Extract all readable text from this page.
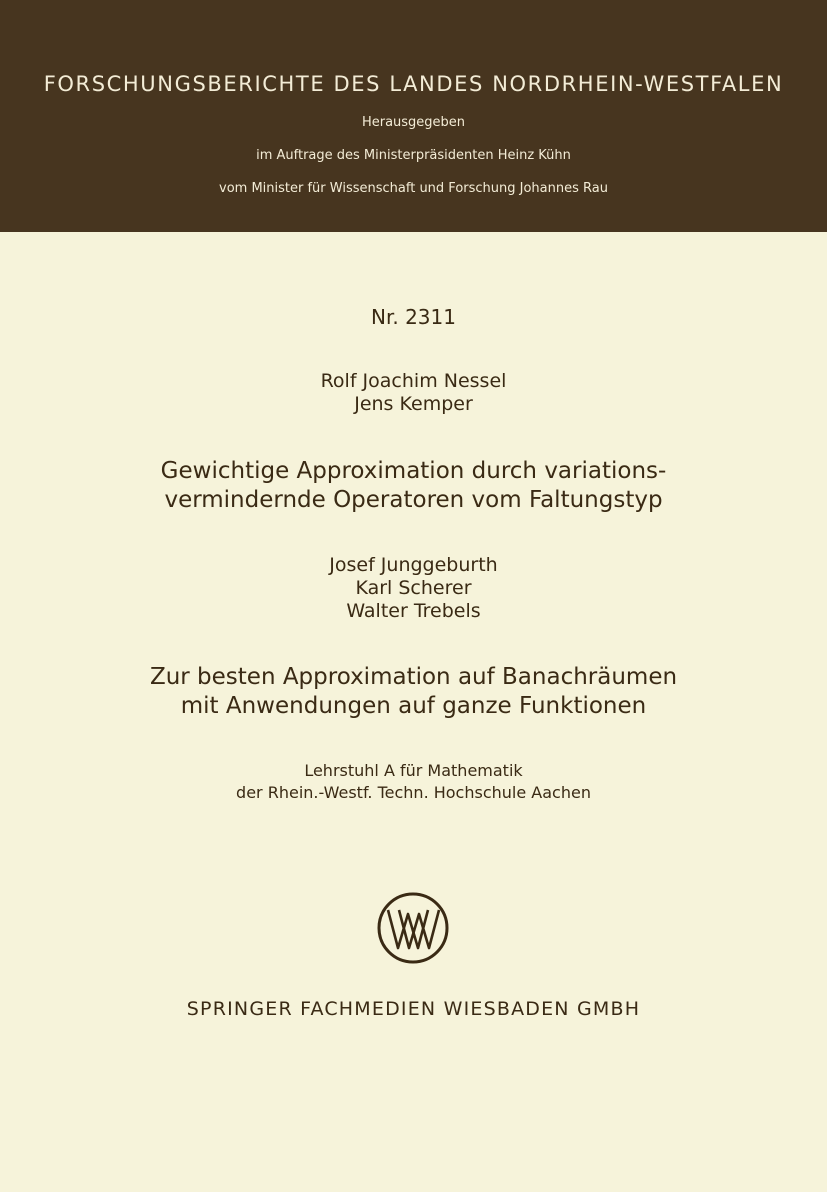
FORSCHUNGSBERICHTE DES LANDES NORDRHEIN-WESTFALEN
Herausgegeben
im Auftrage des Ministerpräsidenten Heinz Kühn
vom Minister für Wissenschaft und Forschung Johannes Rau
Nr. 2311
Rolf Joachim Nessel
Jens Kemper
Gewichtige Approximation durch variations-
vermindernde Operatoren vom Faltungstyp
Josef Junggeburth
Karl Scherer
Walter Trebels
Zur besten Approximation auf Banachräumen
mit Anwendungen auf ganze Funktionen
Lehrstuhl A für Mathematik
der Rhein.-Westf. Techn. Hochschule Aachen
SPRINGER FACHMEDIEN WIESBADEN GMBH
